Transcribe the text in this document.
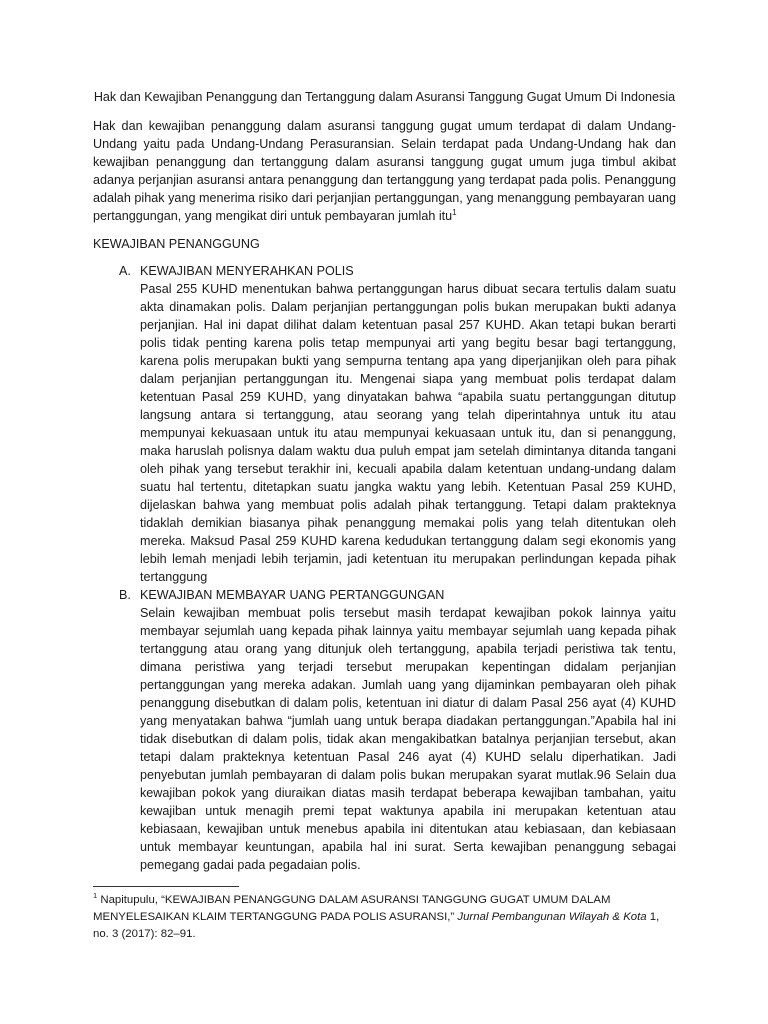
Hak dan Kewajiban Penanggung dan Tertanggung dalam Asuransi Tanggung Gugat Umum Di Indonesia

Hak dan kewajiban penanggung dalam asuransi tanggung gugat umum terdapat di dalam Undang-Undang yaitu pada Undang-Undang Perasuransian. Selain terdapat pada Undang-Undang hak dan kewajiban penanggung dan tertanggung dalam asuransi tanggung gugat umum juga timbul akibat adanya perjanjian asuransi antara penanggung dan tertanggung yang terdapat pada polis. Penanggung adalah pihak yang menerima risiko dari perjanjian pertanggungan, yang menanggung pembayaran uang pertanggungan, yang mengikat diri untuk pembayaran jumlah itu$^1$

KEWAJIBAN PENANGGUNG
A. KEWAJIBAN MENYERAHKAN POLIS
Pasal 255 KUHD menentukan bahwa pertanggungan harus dibuat secara tertulis dalam suatu akta dinamakan polis. Dalam perjanjian pertanggungan polis bukan merupakan bukti adanya perjanjian. Hal ini dapat dilihat dalam ketentuan pasal 257 KUHD. Akan tetapi bukan berarti polis tidak penting karena polis tetap mempunyai arti yang begitu besar bagi tertanggung, karena polis merupakan bukti yang sempurna tentang apa yang diperjanjikan oleh para pihak dalam perjanjian pertanggungan itu. Mengenai siapa yang membuat polis terdapat dalam ketentuan Pasal 259 KUHD, yang dinyatakan bahwa “apabila suatu pertanggungan ditutup langsung antara si tertanggung, atau seorang yang telah diperintahnya untuk itu atau mempunyai kekuasaan untuk itu atau mempunyai kekuasaan untuk itu, dan si penanggung, maka haruslah polisnya dalam waktu dua puluh empat jam setelah dimintanya ditanda tangani oleh pihak yang tersebut terakhir ini, kecuali apabila dalam ketentuan undang-undang dalam suatu hal tertentu, ditetapkan suatu jangka waktu yang lebih. Ketentuan Pasal 259 KUHD, dijelaskan bahwa yang membuat polis adalah pihak tertanggung. Tetapi dalam prakteknya tidaklah demikian biasanya pihak penanggung memakai polis yang telah ditentukan oleh mereka. Maksud Pasal 259 KUHD karena kedudukan tertanggung dalam segi ekonomis yang lebih lemah menjadi lebih terjamin, jadi ketentuan itu merupakan perlindungan kepada pihak tertanggung
B. KEWAJIBAN MEMBAYAR UANG PERTANGGUNGAN
Selain kewajiban membuat polis tersebut masih terdapat kewajiban pokok lainnya yaitu membayar sejumlah uang kepada pihak lainnya yaitu membayar sejumlah uang kepada pihak tertanggung atau orang yang ditunjuk oleh tertanggung, apabila terjadi peristiwa tak tentu, dimana peristiwa yang terjadi tersebut merupakan kepentingan didalam perjanjian pertanggungan yang mereka adakan. Jumlah uang yang dijaminkan pembayaran oleh pihak penanggung disebutkan di dalam polis, ketentuan ini diatur di dalam Pasal 256 ayat (4) KUHD yang menyatakan bahwa “jumlah uang untuk berapa diadakan pertanggungan.”Apabila hal ini tidak disebutkan di dalam polis, tidak akan mengakibatkan batalnya perjanjian tersebut, akan tetapi dalam prakteknya ketentuan Pasal 246 ayat (4) KUHD selalu diperhatikan. Jadi penyebutan jumlah pembayaran di dalam polis bukan merupakan syarat mutlak.96 Selain dua kewajiban pokok yang diuraikan diatas masih terdapat beberapa kewajiban tambahan, yaitu kewajiban untuk menagih premi tepat waktunya apabila ini merupakan ketentuan atau kebiasaan, kewajiban untuk menebus apabila ini ditentukan atau kebiasaan, dan kebiasaan untuk membayar keuntungan, apabila hal ini surat. Serta kewajiban penanggung sebagai pemegang gadai pada pegadaian polis.
$^1$ Napitupulu, “KEWAJIBAN PENANGGUNG DALAM ASURANSI TANGGUNG GUGAT UMUM DALAM MENYELESAIKAN KLAIM TERTANGGUNG PADA POLIS ASURANSI,” Jurnal Pembangunan Wilayah & Kota 1, no. 3 (2017): 82–91.
